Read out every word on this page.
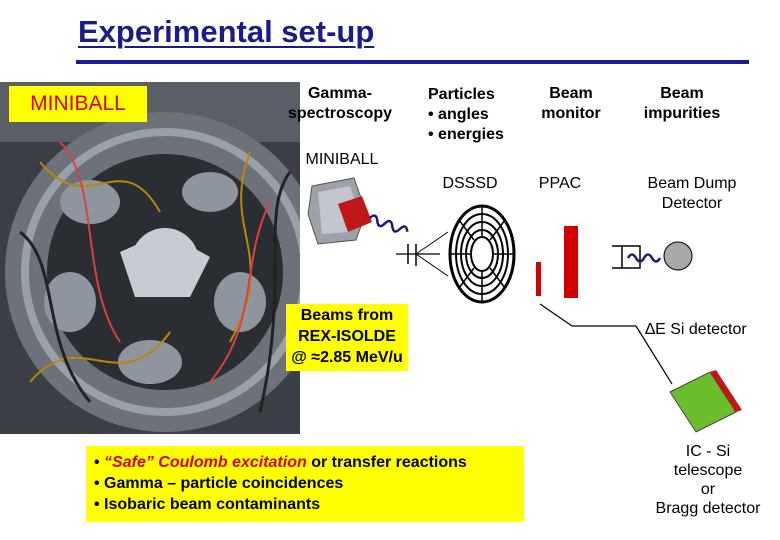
Experimental set-up
MINIBALL	Gamma-
spectroscopy
Particles
• angles
• energies
Beam
monitor
Beam
impurities
MINIBALL
DSSSD	PPAC	Beam Dump
Detector
∆E Si detector
IC - Si
telescope
or
Bragg detector
Beams from
REX-ISOLDE
@ ≈2.85 MeV/u
• “Safe” Coulomb excitation or transfer reactions
• Gamma – particle coincidences
• Isobaric beam contaminants
